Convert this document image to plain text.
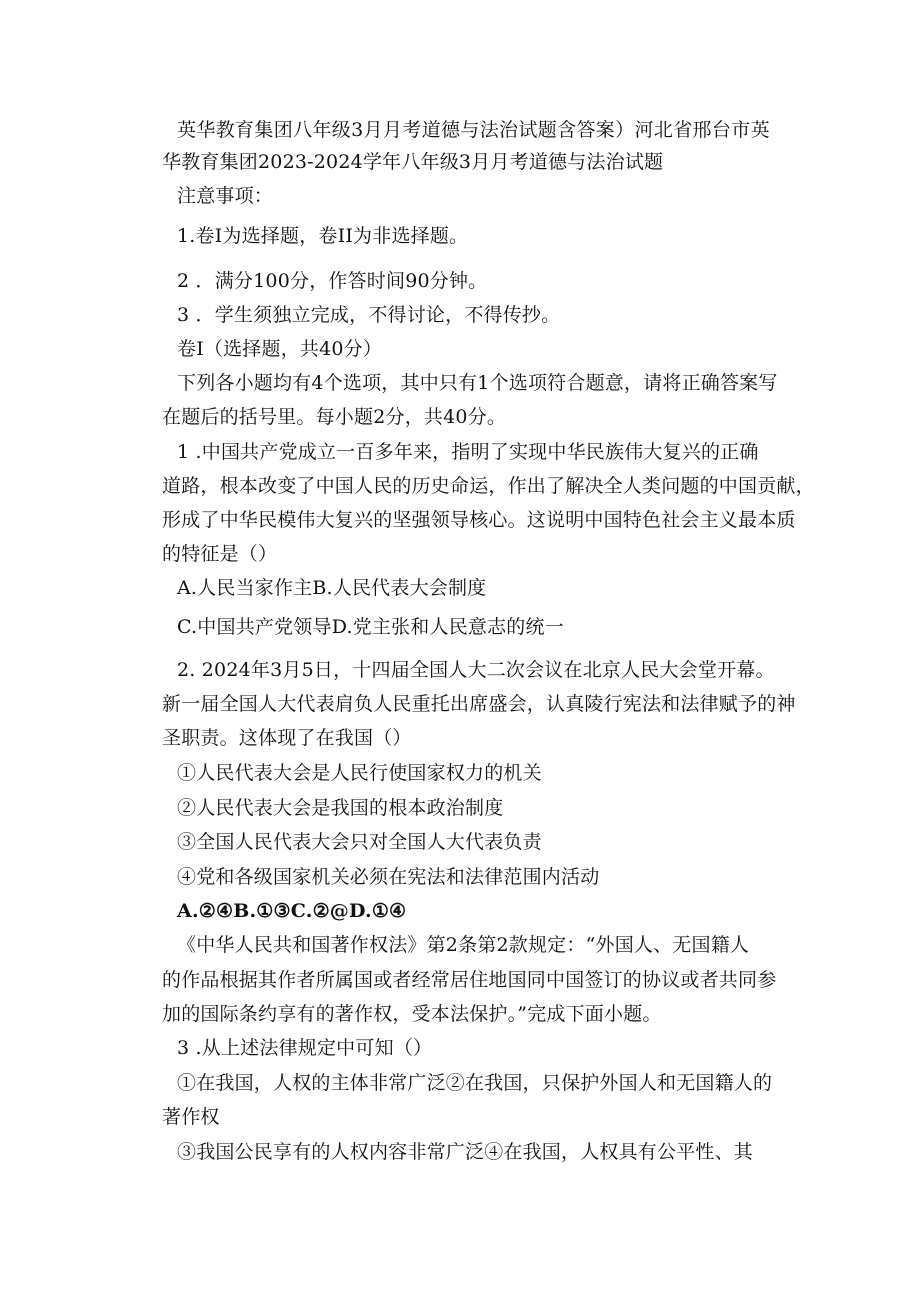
英华教育集团八年级3月月考道德与法治试题含答案）河北省邢台市英
华教育集团2023-2024学年八年级3月月考道德与法治试题
注意事项：
1.卷I为选择题，卷II为非选择题。
2 ．满分100分，作答时间90分钟。
3 ．学生须独立完成，不得讨论，不得传抄。
卷I（选择题，共40分）
下列各小题均有4个选项，其中只有1个选项符合题意，请将正确答案写
在题后的括号里。每小题2分，共40分。
1 .中国共产党成立一百多年来，指明了实现中华民族伟大复兴的正确
道路，根本改变了中国人民的历史命运，作出了解决全人类问题的中国贡献，
形成了中华民模伟大复兴的坚强领导核心。这说明中国特色社会主义最本质
的特征是（）
A.人民当家作主B.人民代表大会制度
C.中国共产党领导D.党主张和人民意志的统一
2. 2024年3月5日，十四届全国人大二次会议在北京人民大会堂开幕。
新一届全国人大代表肩负人民重托出席盛会，认真陵行宪法和法律赋予的神
圣职责。这体现了在我国（）
①人民代表大会是人民行使国家权力的机关
②人民代表大会是我国的根本政治制度
③全国人民代表大会只对全国人大代表负责
④党和各级国家机关必须在宪法和法律范围内活动
A.②④B.①③C.②@D.①④
《中华人民共和国著作权法》第2条第2款规定：“外国人、无国籍人
的作品根据其作者所属国或者经常居住地国同中国签订的协议或者共同参
加的国际条约享有的著作权，受本法保护。”完成下面小题。
3 .从上述法律规定中可知（）
①在我国，人权的主体非常广泛②在我国，只保护外国人和无国籍人的
著作权
③我国公民享有的人权内容非常广泛④在我国，人权具有公平性、其
